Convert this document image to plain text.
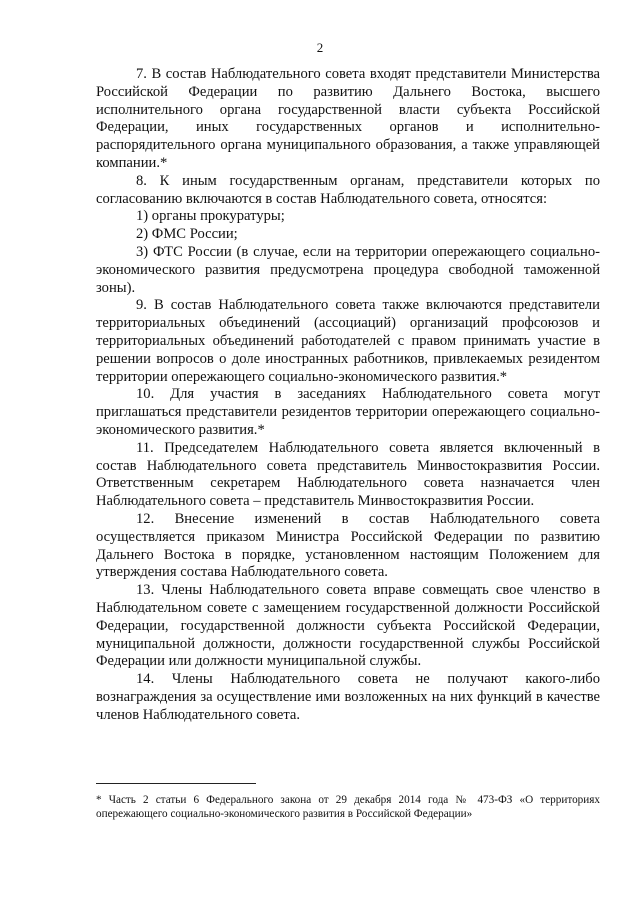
2

7. В состав Наблюдательного совета входят представители Министерства Российской Федерации по развитию Дальнего Востока, высшего исполнительного органа государственной власти субъекта Российской Федерации, иных государственных органов и исполнительно-распорядительного органа муниципального образования, а также управляющей компании.*

8. К иным государственным органам, представители которых по согласованию включаются в состав Наблюдательного совета, относятся:

1) органы прокуратуры;

2) ФМС России;

3) ФТС России (в случае, если на территории опережающего социально-экономического развития предусмотрена процедура свободной таможенной зоны).

9. В состав Наблюдательного совета также включаются представители территориальных объединений (ассоциаций) организаций профсоюзов и территориальных объединений работодателей с правом принимать участие в решении вопросов о доле иностранных работников, привлекаемых резидентом территории опережающего социально-экономического развития.*

10. Для участия в заседаниях Наблюдательного совета могут приглашаться представители резидентов территории опережающего социально-экономического развития.*

11. Председателем Наблюдательного совета является включенный в состав Наблюдательного совета представитель Минвостокразвития России. Ответственным секретарем Наблюдательного совета назначается член Наблюдательного совета – представитель Минвостокразвития России.

12. Внесение изменений в состав Наблюдательного совета осуществляется приказом Министра Российской Федерации по развитию Дальнего Востока в порядке, установленном настоящим Положением для утверждения состава Наблюдательного совета.

13. Члены Наблюдательного совета вправе совмещать свое членство в Наблюдательном совете с замещением государственной должности Российской Федерации, государственной должности субъекта Российской Федерации, муниципальной должности, должности государственной службы Российской Федерации или должности муниципальной службы.

14. Члены Наблюдательного совета не получают какого-либо вознаграждения за осуществление ими возложенных на них функций в качестве членов Наблюдательного совета.

* Часть 2 статьи 6 Федерального закона от 29 декабря 2014 года № 473-ФЗ «О территориях опережающего социально-экономического развития в Российской Федерации»
